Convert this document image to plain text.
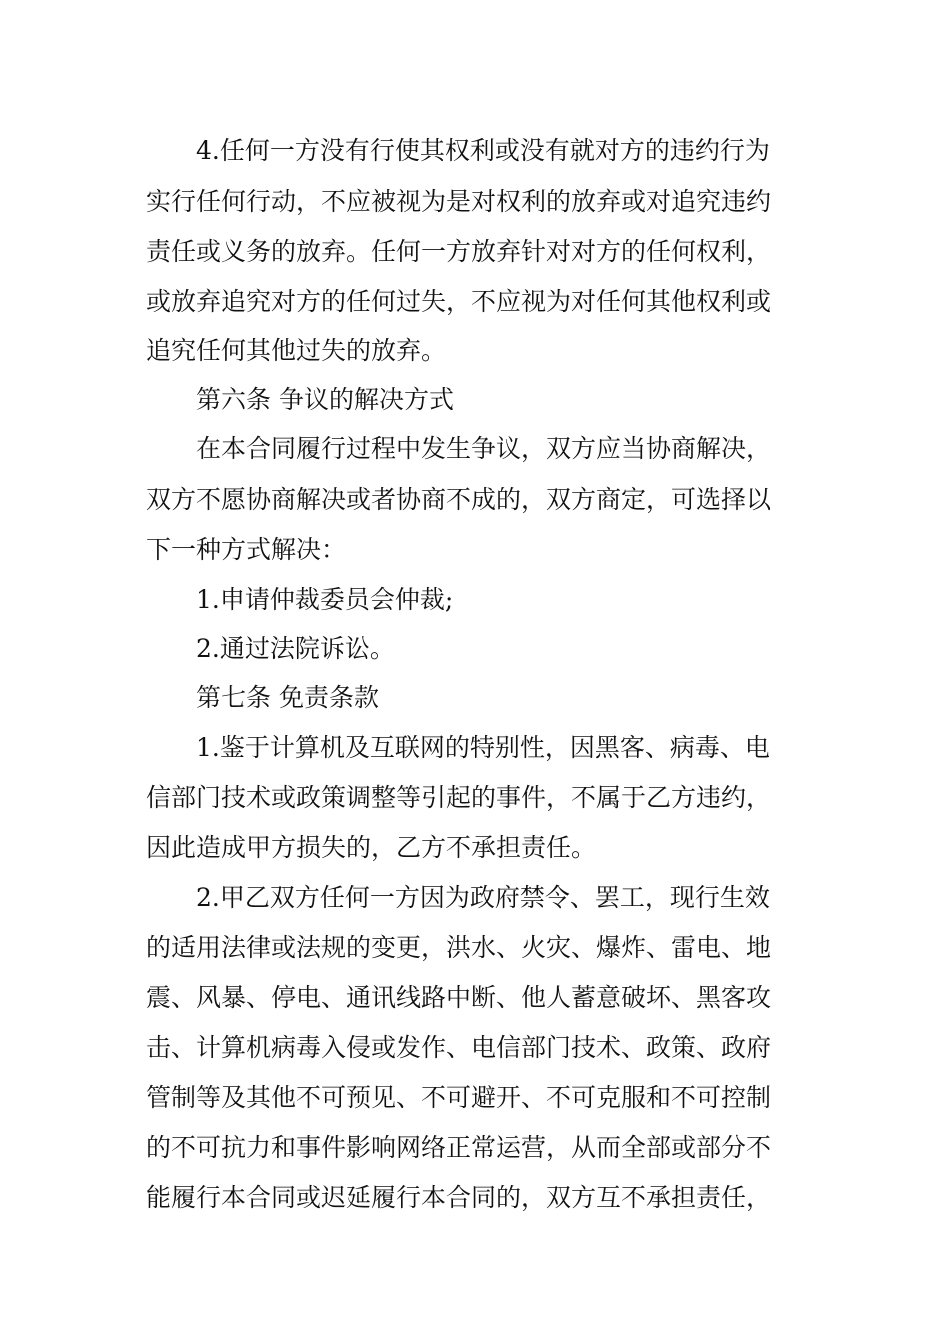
4.任何一方没有行使其权利或没有就对方的违约行为
实行任何行动，不应被视为是对权利的放弃或对追究违约
责任或义务的放弃。任何一方放弃针对对方的任何权利，
或放弃追究对方的任何过失，不应视为对任何其他权利或
追究任何其他过失的放弃。
第六条 争议的解决方式
在本合同履行过程中发生争议，双方应当协商解决，
双方不愿协商解决或者协商不成的，双方商定，可选择以
下一种方式解决：
1.申请仲裁委员会仲裁;
2.通过法院诉讼。
第七条 免责条款
1.鉴于计算机及互联网的特别性，因黑客、病毒、电
信部门技术或政策调整等引起的事件，不属于乙方违约，
因此造成甲方损失的，乙方不承担责任。
2.甲乙双方任何一方因为政府禁令、罢工，现行生效
的适用法律或法规的变更，洪水、火灾、爆炸、雷电、地
震、风暴、停电、通讯线路中断、他人蓄意破坏、黑客攻
击、计算机病毒入侵或发作、电信部门技术、政策、政府
管制等及其他不可预见、不可避开、不可克服和不可控制
的不可抗力和事件影响网络正常运营，从而全部或部分不
能履行本合同或迟延履行本合同的，双方互不承担责任，
